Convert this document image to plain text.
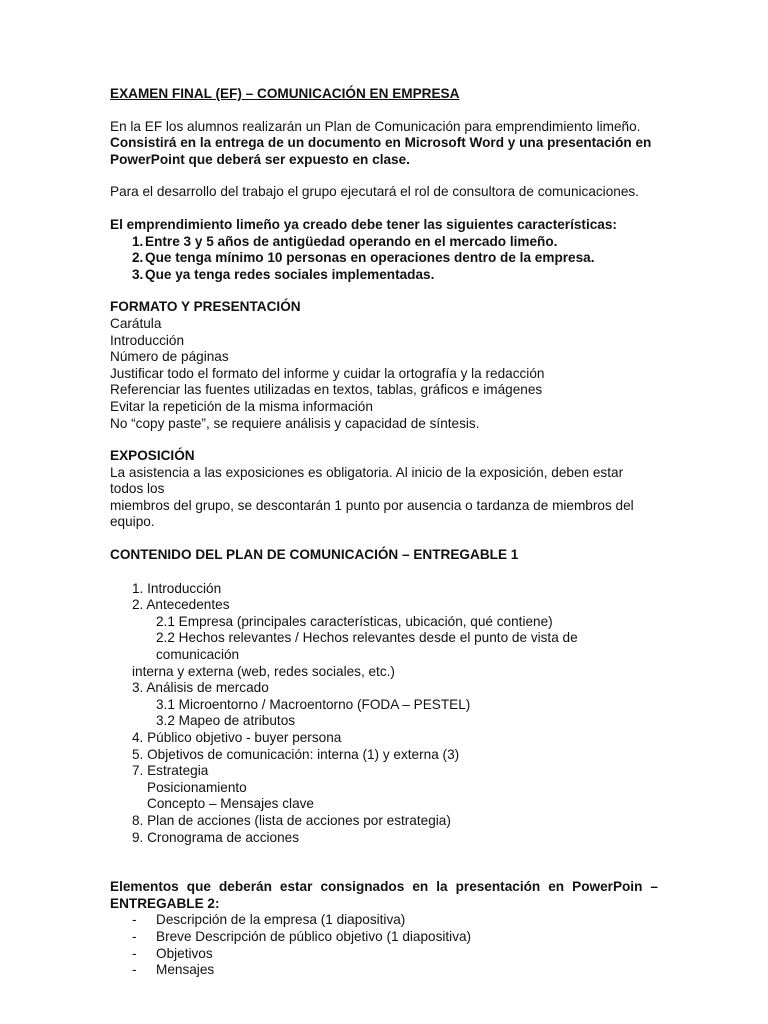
EXAMEN FINAL (EF) – COMUNICACIÓN EN EMPRESA
En la EF los alumnos realizarán un Plan de Comunicación para emprendimiento limeño.
Consistirá en la entrega de un documento en Microsoft Word y una presentación en
PowerPoint que deberá ser expuesto en clase.
Para el desarrollo del trabajo el grupo ejecutará el rol de consultora de comunicaciones.
El emprendimiento limeño ya creado debe tener las siguientes características:
1. Entre 3 y 5 años de antigüedad operando en el mercado limeño.
2. Que tenga mínimo 10 personas en operaciones dentro de la empresa.
3. Que ya tenga redes sociales implementadas.
FORMATO Y PRESENTACIÓN
Carátula
Introducción
Número de páginas
Justificar todo el formato del informe y cuidar la ortografía y la redacción
Referenciar las fuentes utilizadas en textos, tablas, gráficos e imágenes
Evitar la repetición de la misma información
No “copy paste”, se requiere análisis y capacidad de síntesis.
EXPOSICIÓN
La asistencia a las exposiciones es obligatoria. Al inicio de la exposición, deben estar todos los
miembros del grupo, se descontarán 1 punto por ausencia o tardanza de miembros del equipo.
CONTENIDO DEL PLAN DE COMUNICACIÓN – ENTREGABLE 1
1. Introducción
2. Antecedentes
2.1 Empresa (principales características, ubicación, qué contiene)
2.2 Hechos relevantes / Hechos relevantes desde el punto de vista de comunicación
interna y externa (web, redes sociales, etc.)
3. Análisis de mercado
3.1 Microentorno / Macroentorno (FODA – PESTEL)
3.2 Mapeo de atributos
4. Público objetivo - buyer persona
5. Objetivos de comunicación: interna (1) y externa (3)
7. Estrategia
Posicionamiento
Concepto – Mensajes clave
8. Plan de acciones (lista de acciones por estrategia)
9. Cronograma de acciones
Elementos que deberán estar consignados en la presentación en PowerPoin –
ENTREGABLE 2:
- Descripción de la empresa (1 diapositiva)
- Breve Descripción de público objetivo (1 diapositiva)
- Objetivos
- Mensajes
